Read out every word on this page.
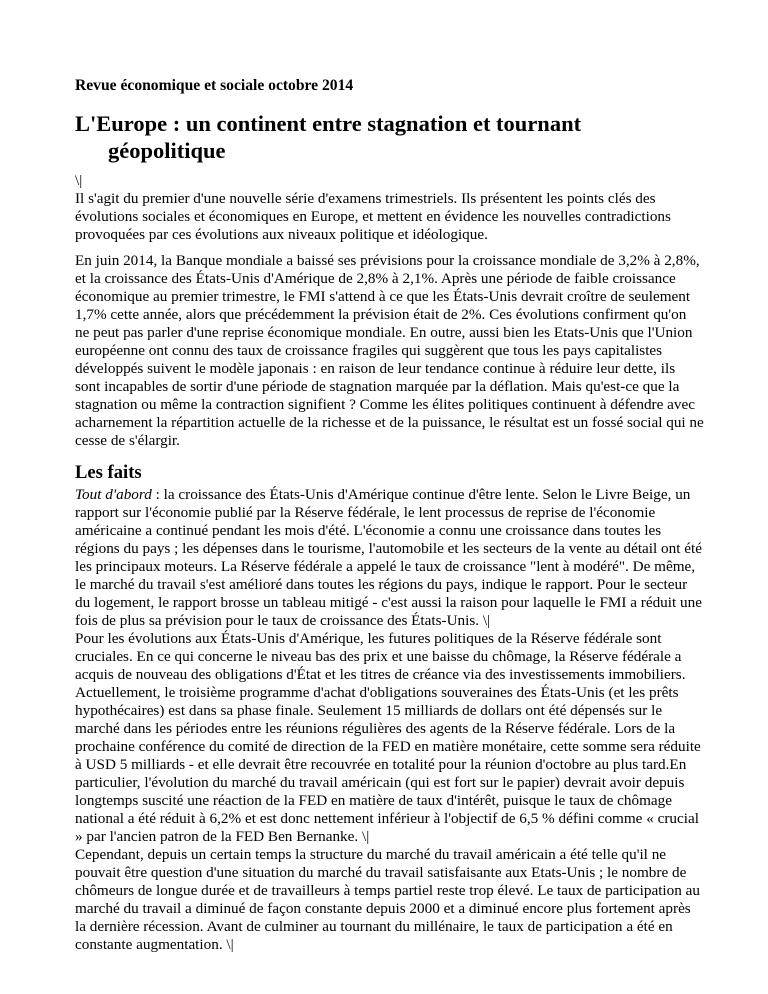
Revue économique et sociale octobre 2014
L'Europe : un continent entre stagnation et tournant géopolitique
\|
Il s'agit du premier d'une nouvelle série d'examens trimestriels. Ils présentent les points clés des évolutions sociales et économiques en Europe, et mettent en évidence les nouvelles contradictions provoquées par ces évolutions aux niveaux politique et idéologique.
En juin 2014, la Banque mondiale a baissé ses prévisions pour la croissance mondiale de 3,2% à 2,8%, et la croissance des États-Unis d'Amérique de 2,8% à 2,1%. Après une période de faible croissance économique au premier trimestre, le FMI s'attend à ce que les États-Unis devrait croître de seulement 1,7% cette année, alors que précédemment la prévision était de 2%. Ces évolutions confirment qu'on ne peut pas parler d'une reprise économique mondiale. En outre, aussi bien les Etats-Unis que l'Union européenne ont connu des taux de croissance fragiles qui suggèrent que tous les pays capitalistes développés suivent le modèle japonais : en raison de leur tendance continue à réduire leur dette, ils sont incapables de sortir d'une période de stagnation marquée par la déflation. Mais qu'est-ce que la stagnation ou même la contraction signifient ? Comme les élites politiques continuent à défendre avec acharnement la répartition actuelle de la richesse et de la puissance, le résultat est un fossé social qui ne cesse de s'élargir.
Les faits
Tout d'abord : la croissance des États-Unis d'Amérique continue d'être lente. Selon le Livre Beige, un rapport sur l'économie publié par la Réserve fédérale, le lent processus de reprise de l'économie américaine a continué pendant les mois d'été. L'économie a connu une croissance dans toutes les régions du pays ; les dépenses dans le tourisme, l'automobile et les secteurs de la vente au détail ont été les principaux moteurs. La Réserve fédérale a appelé le taux de croissance "lent à modéré". De même, le marché du travail s'est amélioré dans toutes les régions du pays, indique le rapport. Pour le secteur du logement, le rapport brosse un tableau mitigé - c'est aussi la raison pour laquelle le FMI a réduit une fois de plus sa prévision pour le taux de croissance des États-Unis. \|
Pour les évolutions aux États-Unis d'Amérique, les futures politiques de la Réserve fédérale sont cruciales. En ce qui concerne le niveau bas des prix et une baisse du chômage, la Réserve fédérale a acquis de nouveau des obligations d'État et les titres de créance via des investissements immobiliers. Actuellement, le troisième programme d'achat d'obligations souveraines des États-Unis (et les prêts hypothécaires) est dans sa phase finale. Seulement 15 milliards de dollars ont été dépensés sur le marché dans les périodes entre les réunions régulières des agents de la Réserve fédérale. Lors de la prochaine conférence du comité de direction de la FED en matière monétaire, cette somme sera réduite à USD 5 milliards - et elle devrait être recouvrée en totalité pour la réunion d'octobre au plus tard.En particulier, l'évolution du marché du travail américain (qui est fort sur le papier) devrait avoir depuis longtemps suscité une réaction de la FED en matière de taux d'intérêt, puisque le taux de chômage national a été réduit à 6,2% et est donc nettement inférieur à l'objectif de 6,5 % défini comme « crucial » par l'ancien patron de la FED Ben Bernanke. \|
Cependant, depuis un certain temps la structure du marché du travail américain a été telle qu'il ne pouvait être question d'une situation du marché du travail satisfaisante aux Etats-Unis ; le nombre de chômeurs de longue durée et de travailleurs à temps partiel reste trop élevé. Le taux de participation au marché du travail a diminué de façon constante depuis 2000 et a diminué encore plus fortement après la dernière récession. Avant de culminer au tournant du millénaire, le taux de participation a été en constante augmentation. \|
